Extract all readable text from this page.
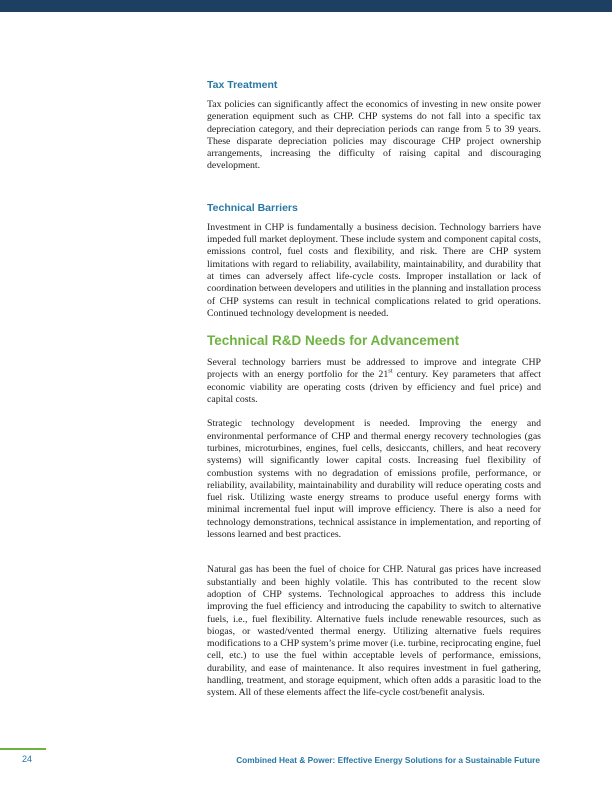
Tax Treatment

Tax policies can significantly affect the economics of investing in new onsite power generation equipment such as CHP. CHP systems do not fall into a specific tax depreciation category, and their depreciation periods can range from 5 to 39 years. These disparate depreciation policies may discourage CHP project ownership arrangements, increasing the difficulty of raising capital and discouraging development.

Technical Barriers

Investment in CHP is fundamentally a business decision. Technology barriers have impeded full market deployment. These include system and component capital costs, emissions control, fuel costs and flexibility, and risk. There are CHP system limitations with regard to reliability, availability, maintainability, and durability that at times can adversely affect life-cycle costs. Improper installation or lack of coordination between developers and utilities in the planning and installation process of CHP systems can result in technical complications related to grid operations. Continued technology development is needed.

Technical R&D Needs for Advancement

Several technology barriers must be addressed to improve and integrate CHP projects with an energy portfolio for the 21st century. Key parameters that affect economic viability are operating costs (driven by efficiency and fuel price) and capital costs.

Strategic technology development is needed. Improving the energy and environmental performance of CHP and thermal energy recovery technologies (gas turbines, microturbines, engines, fuel cells, desiccants, chillers, and heat recovery systems) will significantly lower capital costs. Increasing fuel flexibility of combustion systems with no degradation of emissions profile, performance, or reliability, availability, maintainability and durability will reduce operating costs and fuel risk. Utilizing waste energy streams to produce useful energy forms with minimal incremental fuel input will improve efficiency. There is also a need for technology demonstrations, technical assistance in implementation, and reporting of lessons learned and best practices.

Natural gas has been the fuel of choice for CHP. Natural gas prices have increased substantially and been highly volatile. This has contributed to the recent slow adoption of CHP systems. Technological approaches to address this include improving the fuel efficiency and introducing the capability to switch to alternative fuels, i.e., fuel flexibility. Alternative fuels include renewable resources, such as biogas, or wasted/vented thermal energy. Utilizing alternative fuels requires modifications to a CHP system’s prime mover (i.e. turbine, reciprocating engine, fuel cell, etc.) to use the fuel within acceptable levels of performance, emissions, durability, and ease of maintenance. It also requires investment in fuel gathering, handling, treatment, and storage equipment, which often adds a parasitic load to the system. All of these elements affect the life-cycle cost/benefit analysis.

24	Combined Heat & Power: Effective Energy Solutions for a Sustainable Future
